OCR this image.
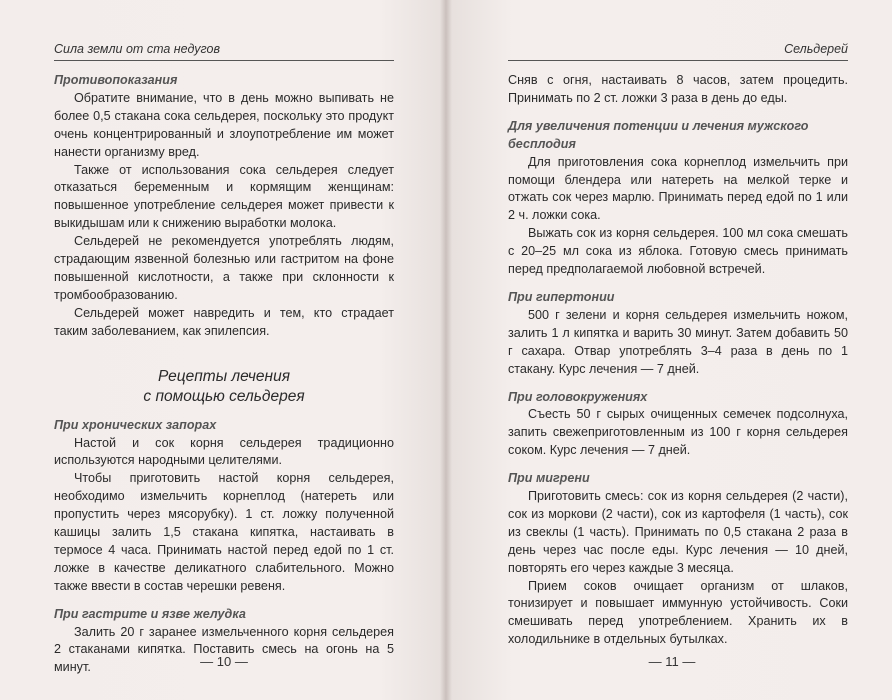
Сила земли от ста недугов
Противопоказания

Обратите внимание, что в день можно выпивать не более 0,5 стакана сока сельдерея, поскольку это продукт очень концентрированный и злоупотребление им может нанести организму вред.

Также от использования сока сельдерея следует отказаться беременным и кормящим женщинам: повышенное употребление сельдерея может привести к выкидышам или к снижению выработки молока.

Сельдерей не рекомендуется употреблять людям, страдающим язвенной болезнью или гастритом на фоне повышенной кислотности, а также при склонности к тромбообразованию.

Сельдерей может навредить и тем, кто страдает таким заболеванием, как эпилепсия.

Рецепты лечения
с помощью сельдерея
При хронических запорах

Настой и сок корня сельдерея традиционно используются народными целителями.

Чтобы приготовить настой корня сельдерея, необходимо измельчить корнеплод (натереть или пропустить через мясорубку). 1 ст. ложку полученной кашицы залить 1,5 стакана кипятка, настаивать в термосе 4 часа. Принимать настой перед едой по 1 ст. ложке в качестве деликатного слабительного. Можно также ввести в состав черешки ревеня.

При гастрите и язве желудка

Залить 20 г заранее измельченного корня сельдерея 2 стаканами кипятка. Поставить смесь на огонь на 5 минут.	— 10 —
Сельдерей

Сняв с огня, настаивать 8 часов, затем процедить. Принимать по 2 ст. ложки 3 раза в день до еды.

Для увеличения потенции и лечения мужского бесплодия

Для приготовления сока корнеплод измельчить при помощи блендера или натереть на мелкой терке и отжать сок через марлю. Принимать перед едой по 1 или 2 ч. ложки сока.

Выжать сок из корня сельдерея. 100 мл сока смешать с 20–25 мл сока из яблока. Готовую смесь принимать перед предполагаемой любовной встречей.

При гипертонии

500 г зелени и корня сельдерея измельчить ножом, залить 1 л кипятка и варить 30 минут. Затем добавить 50 г сахара. Отвар употреблять 3–4 раза в день по 1 стакану. Курс лечения — 7 дней.

При головокружениях

Съесть 50 г сырых очищенных семечек подсолнуха, запить свежеприготовленным из 100 г корня сельдерея соком. Курс лечения — 7 дней.

При мигрени

Приготовить смесь: сок из корня сельдерея (2 части), сок из моркови (2 части), сок из картофеля (1 часть), сок из свеклы (1 часть). Принимать по 0,5 стакана 2 раза в день через час после еды. Курс лечения — 10 дней, повторять его через каждые 3 месяца.

Прием соков очищает организм от шлаков, тонизирует и повышает иммунную устойчивость. Соки смешивать перед употреблением. Хранить их в холодильнике в отдельных бутылках.

— 11 —
